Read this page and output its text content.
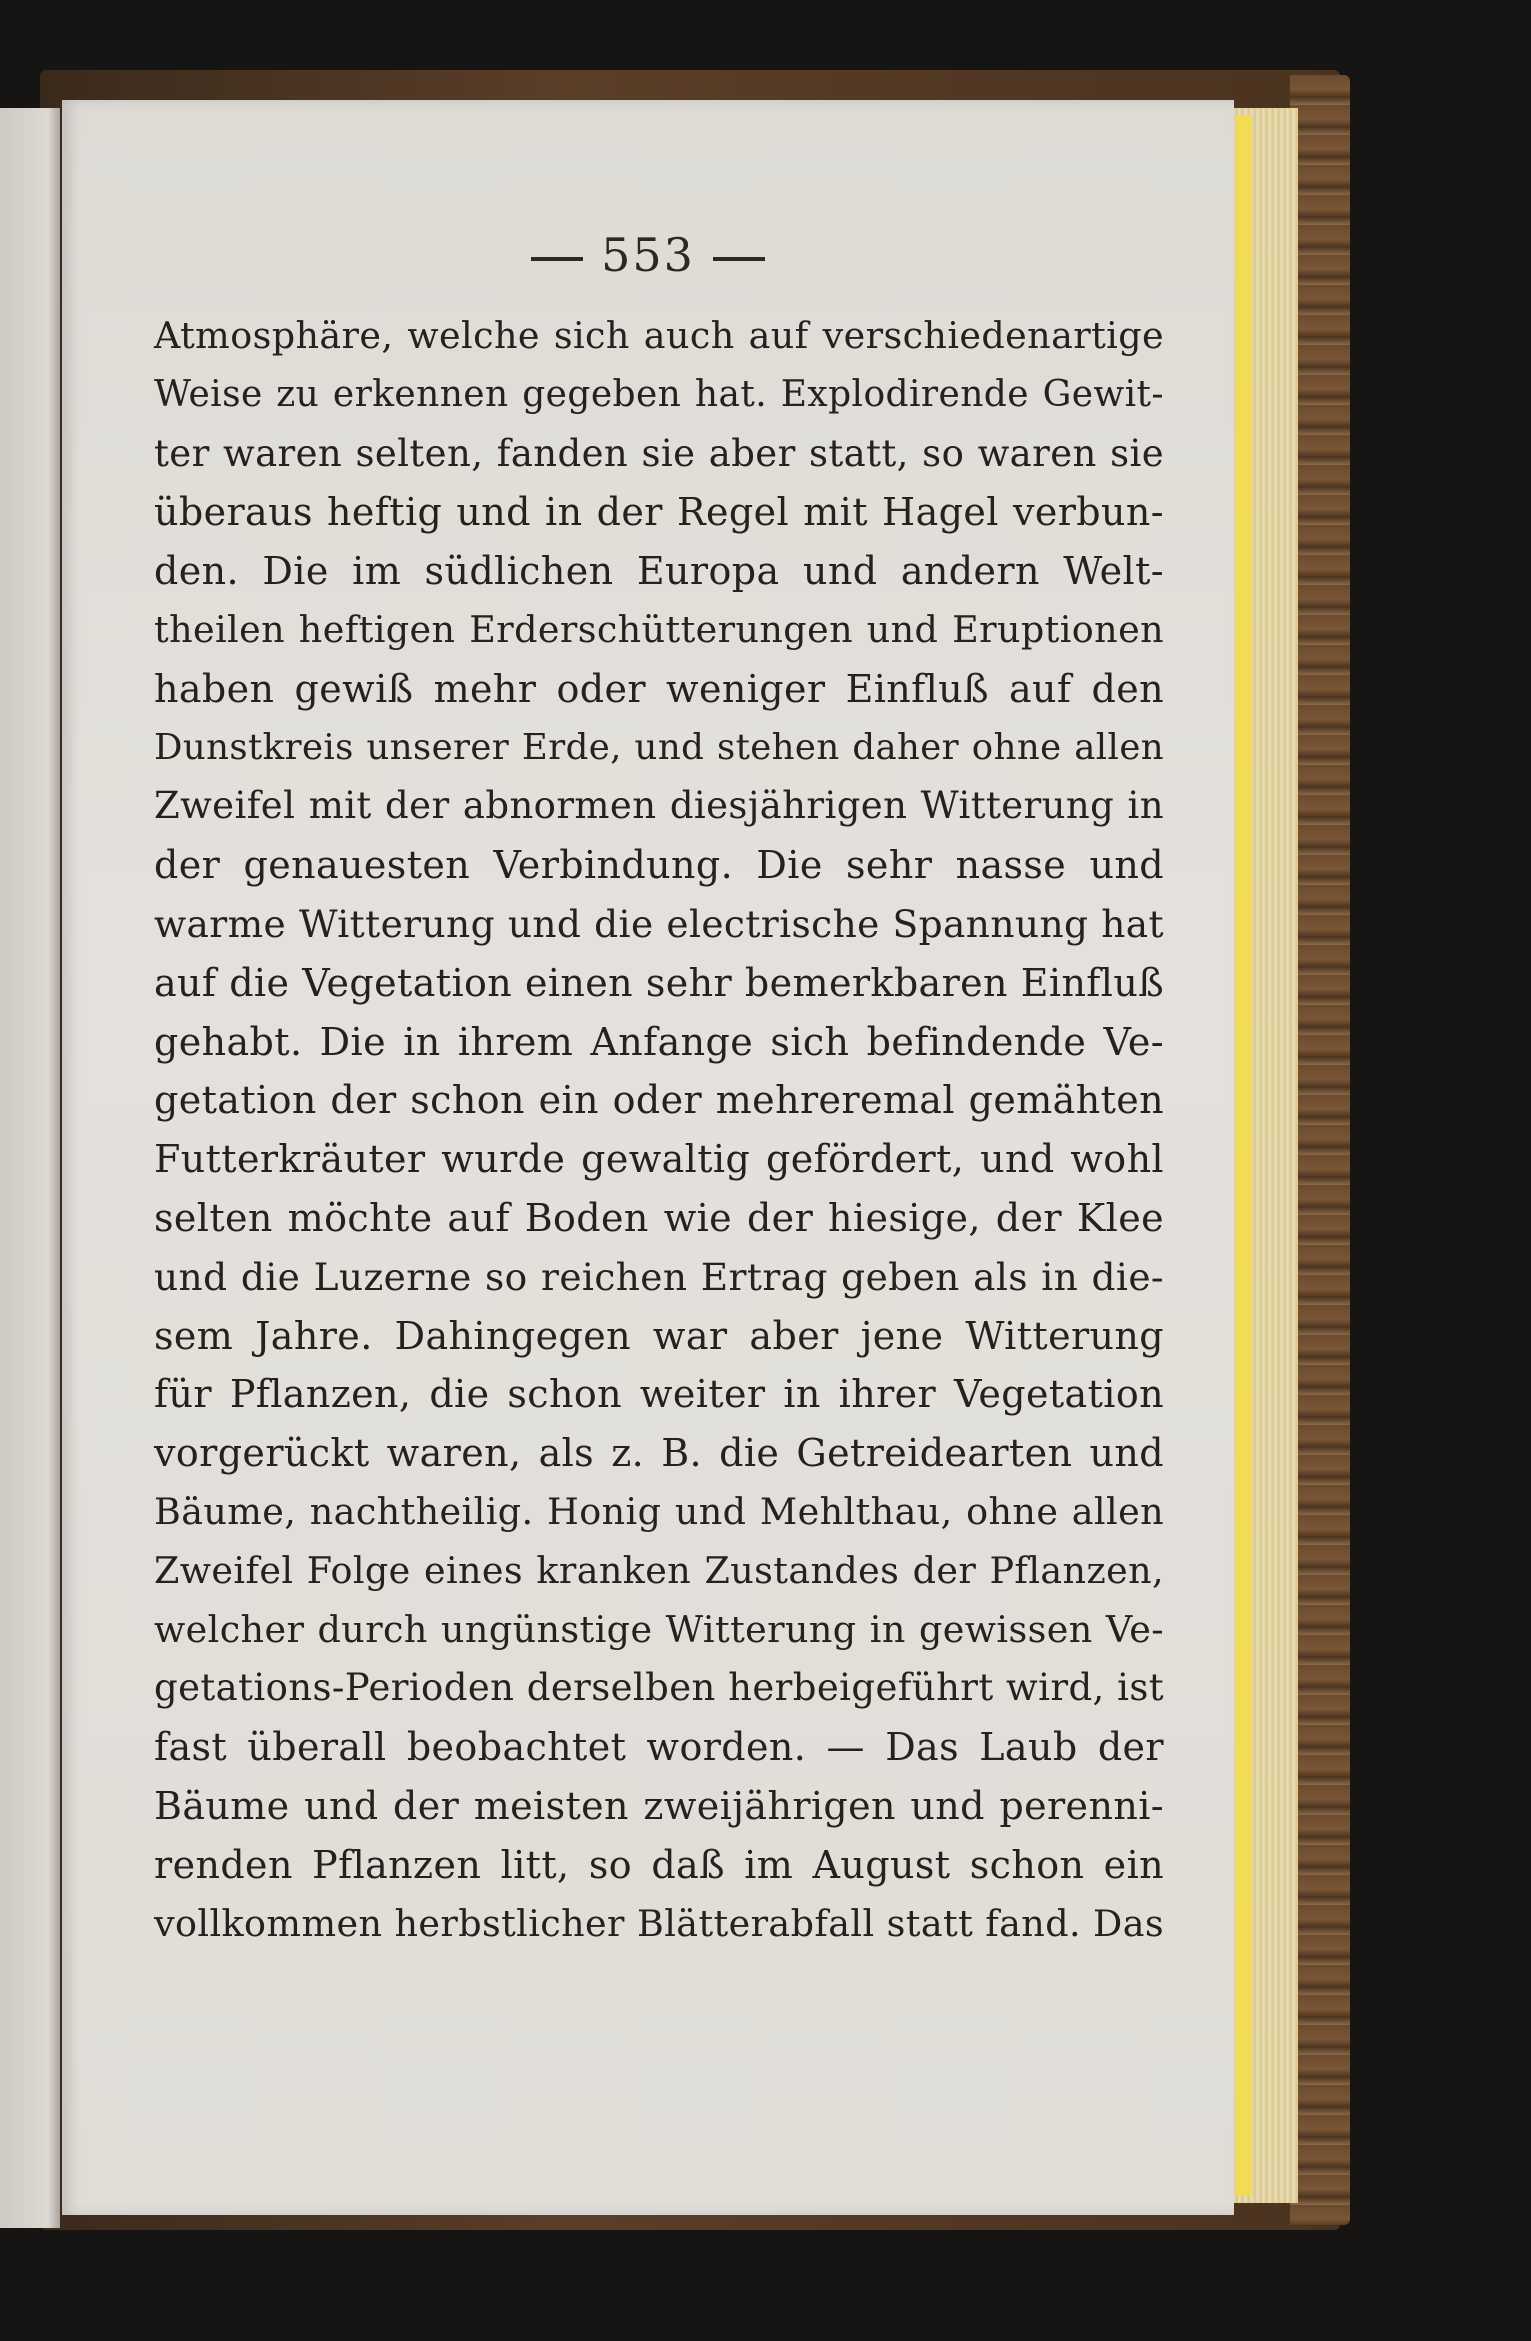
553
Atmosphäre, welche sich auch auf verschiedenartige
Weise zu erkennen gegeben hat. Explodirende Gewit-
ter waren selten, fanden sie aber statt, so waren sie
überaus heftig und in der Regel mit Hagel verbun-
den. Die im südlichen Europa und andern Welt-
theilen heftigen Erderschütterungen und Eruptionen
haben gewiß mehr oder weniger Einfluß auf den
Dunstkreis unserer Erde, und stehen daher ohne allen
Zweifel mit der abnormen diesjährigen Witterung in
der genauesten Verbindung. Die sehr nasse und
warme Witterung und die electrische Spannung hat
auf die Vegetation einen sehr bemerkbaren Einfluß
gehabt. Die in ihrem Anfange sich befindende Ve-
getation der schon ein oder mehreremal gemähten
Futterkräuter wurde gewaltig gefördert, und wohl
selten möchte auf Boden wie der hiesige, der Klee
und die Luzerne so reichen Ertrag geben als in die-
sem Jahre. Dahingegen war aber jene Witterung
für Pflanzen, die schon weiter in ihrer Vegetation
vorgerückt waren, als z. B. die Getreidearten und
Bäume, nachtheilig. Honig und Mehlthau, ohne allen
Zweifel Folge eines kranken Zustandes der Pflanzen,
welcher durch ungünstige Witterung in gewissen Ve-
getations-Perioden derselben herbeigeführt wird, ist
fast überall beobachtet worden. — Das Laub der
Bäume und der meisten zweijährigen und perenni-
renden Pflanzen litt, so daß im August schon ein
vollkommen herbstlicher Blätterabfall statt fand. Das
